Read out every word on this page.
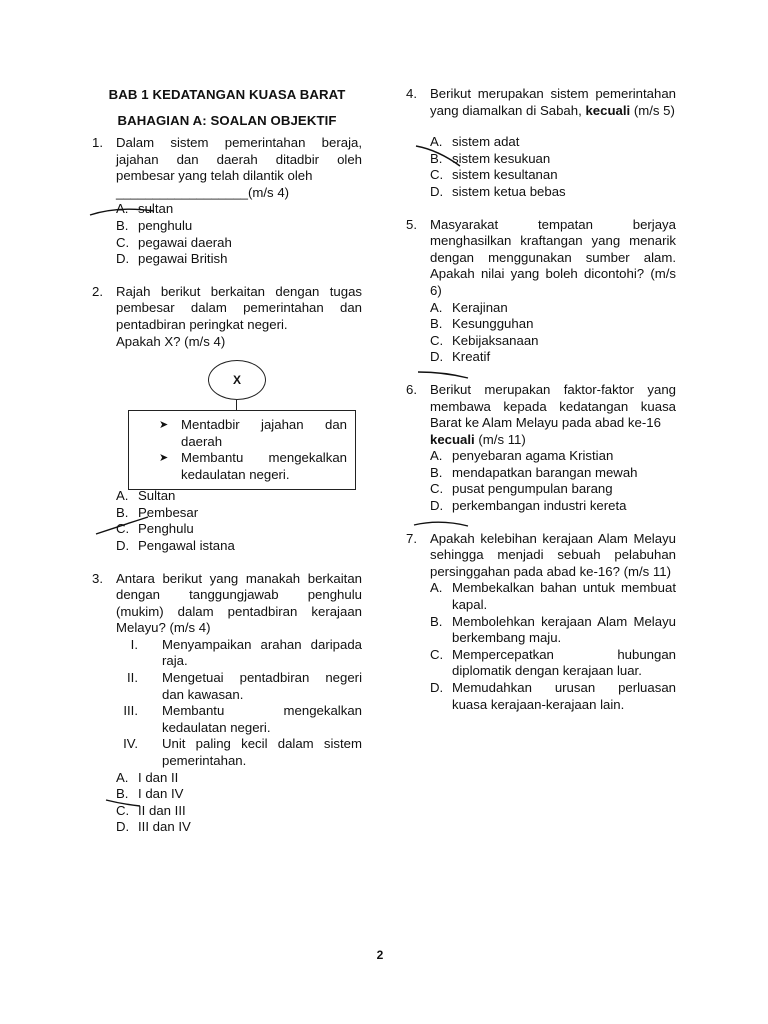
BAB 1 KEDATANGAN KUASA BARAT
BAHAGIAN A: SOALAN OBJEKTIF
1. Dalam sistem pemerintahan beraja, jajahan dan daerah ditadbir oleh pembesar yang telah dilantik oleh
__________________(m/s 4)
A. sultan
B. penghulu
C. pegawai daerah
D. pegawai British
2. Rajah berikut berkaitan dengan tugas pembesar dalam pemerintahan dan pentadbiran peringkat negeri.
Apakah X? (m/s 4)
X
➤ Mentadbir jajahan dan daerah
➤ Membantu mengekalkan kedaulatan negeri.
A. Sultan
B. Pembesar
C. Penghulu
D. Pengawal istana
3. Antara berikut yang manakah berkaitan dengan tanggungjawab penghulu (mukim) dalam pentadbiran kerajaan Melayu? (m/s 4)
I.	Menyampaikan arahan daripada raja.
II.	Mengetuai pentadbiran negeri dan kawasan.
III.	Membantu mengekalkan kedaulatan negeri.
IV.	Unit paling kecil dalam sistem pemerintahan.
A. I dan II
B. I dan IV
C. II dan III
D. III dan IV
4. Berikut merupakan sistem pemerintahan yang diamalkan di Sabah, kecuali (m/s 5)
A. sistem adat
B. sistem kesukuan
C. sistem kesultanan
D. sistem ketua bebas
5. Masyarakat tempatan berjaya menghasilkan kraftangan yang menarik dengan menggunakan sumber alam. Apakah nilai yang boleh dicontohi? (m/s 6)
A. Kerajinan
B. Kesungguhan
C. Kebijaksanaan
D. Kreatif
6. Berikut merupakan faktor-faktor yang membawa kepada kedatangan kuasa Barat ke Alam Melayu pada abad ke-16
kecuali (m/s 11)
A. penyebaran agama Kristian
B. mendapatkan barangan mewah
C. pusat pengumpulan barang
D. perkembangan industri kereta
7. Apakah kelebihan kerajaan Alam Melayu sehingga menjadi sebuah pelabuhan persinggahan pada abad ke-16? (m/s 11)
A. Membekalkan bahan untuk membuat kapal.
B. Membolehkan kerajaan Alam Melayu berkembang maju.
C. Mempercepatkan hubungan diplomatik dengan kerajaan luar.
D. Memudahkan urusan perluasan kuasa kerajaan-kerajaan lain.
2
